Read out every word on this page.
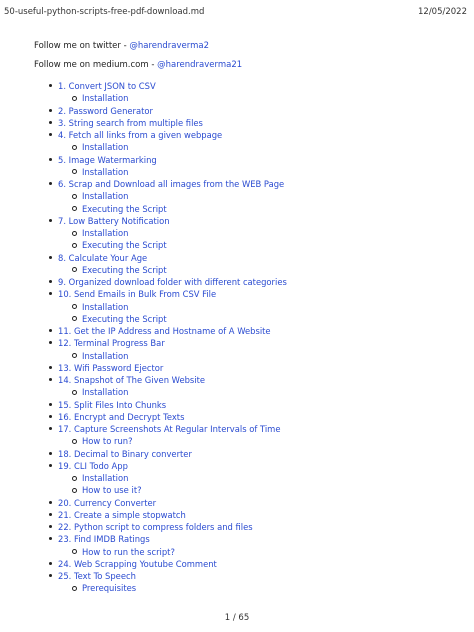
50-useful-python-scripts-free-pdf-download.md	12/05/2022
Follow me on twitter - @harendraverma2
Follow me on medium.com - @harendraverma21
1. Convert JSON to CSV
Installation
2. Password Generator
3. String search from multiple files
4. Fetch all links from a given webpage
Installation
5. Image Watermarking
Installation
6. Scrap and Download all images from the WEB Page
Installation
Executing the Script
7. Low Battery Notification
Installation
Executing the Script
8. Calculate Your Age
Executing the Script
9. Organized download folder with different categories
10. Send Emails in Bulk From CSV File
Installation
Executing the Script
11. Get the IP Address and Hostname of A Website
12. Terminal Progress Bar
Installation
13. Wifi Password Ejector
14. Snapshot of The Given Website
Installation
15. Split Files Into Chunks
16. Encrypt and Decrypt Texts
17. Capture Screenshots At Regular Intervals of Time
How to run?
18. Decimal to Binary converter
19. CLI Todo App
Installation
How to use it?
20. Currency Converter
21. Create a simple stopwatch
22. Python script to compress folders and files
23. Find IMDB Ratings
How to run the script?
24. Web Scrapping Youtube Comment
25. Text To Speech
Prerequisites
1 / 65
